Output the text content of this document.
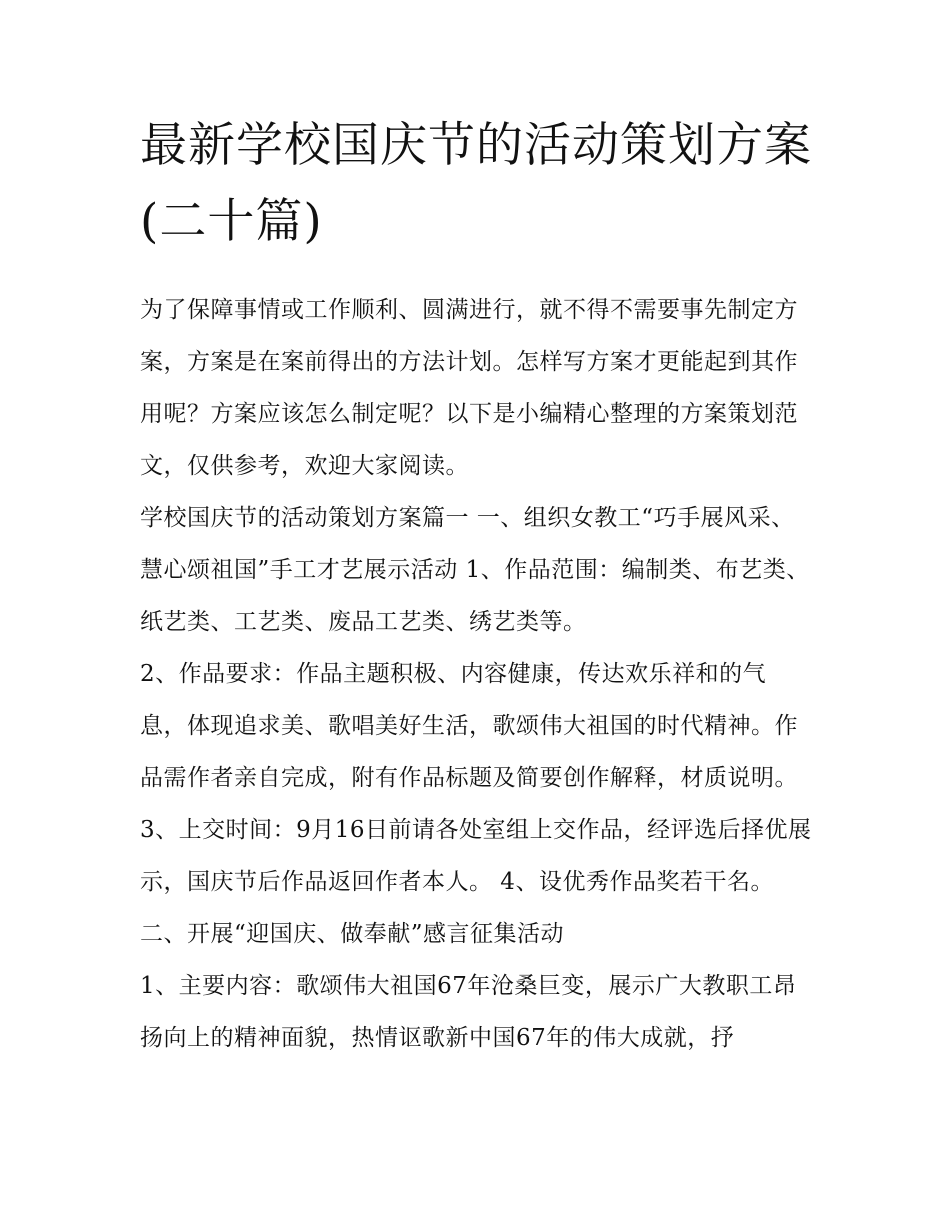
最新学校国庆节的活动策划方案(二十篇)

为了保障事情或工作顺利、圆满进行，就不得不需要事先制定方案，方案是在案前得出的方法计划。怎样写方案才更能起到其作用呢？方案应该怎么制定呢？以下是小编精心整理的方案策划范文，仅供参考，欢迎大家阅读。

学校国庆节的活动策划方案篇一 一、组织女教工“巧手展风采、慧心颂祖国”手工才艺展示活动 1、作品范围：编制类、布艺类、纸艺类、工艺类、废品工艺类、绣艺类等。

2、作品要求：作品主题积极、内容健康，传达欢乐祥和的气息，体现追求美、歌唱美好生活，歌颂伟大祖国的时代精神。作品需作者亲自完成，附有作品标题及简要创作解释，材质说明。

3、上交时间：9月16日前请各处室组上交作品，经评选后择优展示，国庆节后作品返回作者本人。 4、设优秀作品奖若干名。 二、开展“迎国庆、做奉献”感言征集活动

1、主要内容：歌颂伟大祖国67年沧桑巨变，展示广大教职工昂扬向上的精神面貌，热情讴歌新中国67年的伟大成就，抒
